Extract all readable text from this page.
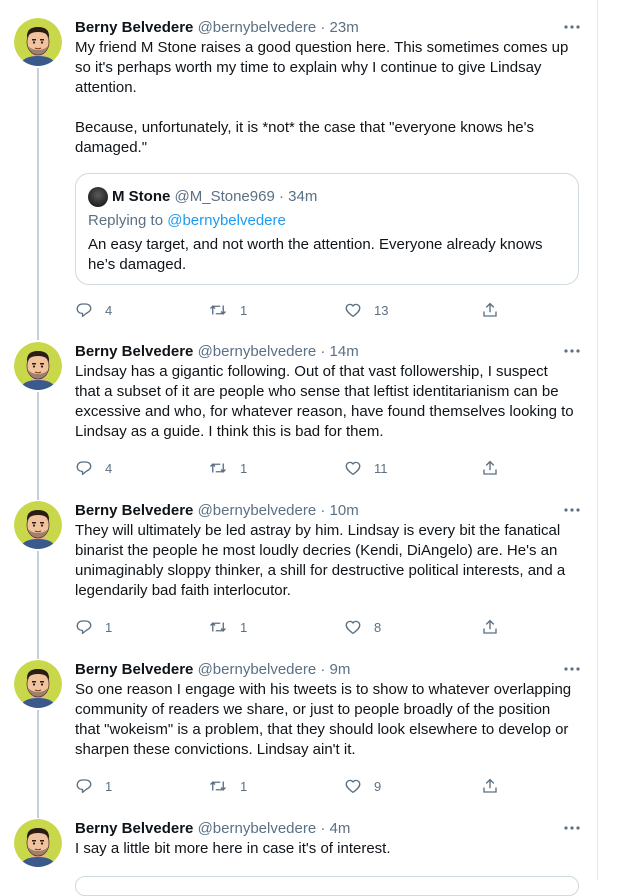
Berny Belvedere @bernybelvedere · 23m

My friend M Stone raises a good question here. This sometimes comes up so it's perhaps worth my time to explain why I continue to give Lindsay attention.

Because, unfortunately, it is *not* the case that "everyone knows he's damaged."

M Stone
@M_Stone969 · 34m
Replying to @bernybelvedere
An easy target, and not worth the attention. Everyone already knows he’s damaged.
4	1	13
Berny Belvedere @bernybelvedere · 14m

Lindsay has a gigantic following. Out of that vast followership, I suspect that a subset of it are people who sense that leftist identitarianism can be excessive and who, for whatever reason, have found themselves looking to Lindsay as a guide. I think this is bad for them.

4	1	11
Berny Belvedere @bernybelvedere · 10m

They will ultimately be led astray by him. Lindsay is every bit the fanatical binarist the people he most loudly decries (Kendi, DiAngelo) are. He's an unimaginably sloppy thinker, a shill for destructive political interests, and a legendarily bad faith interlocutor.

1	1	8
Berny Belvedere @bernybelvedere · 9m

So one reason I engage with his tweets is to show to whatever overlapping community of readers we share, or just to people broadly of the position that "wokeism" is a problem, that they should look elsewhere to develop or sharpen these convictions. Lindsay ain't it.

1	1	9
Berny Belvedere @bernybelvedere · 4m

I say a little bit more here in case it's of interest.
